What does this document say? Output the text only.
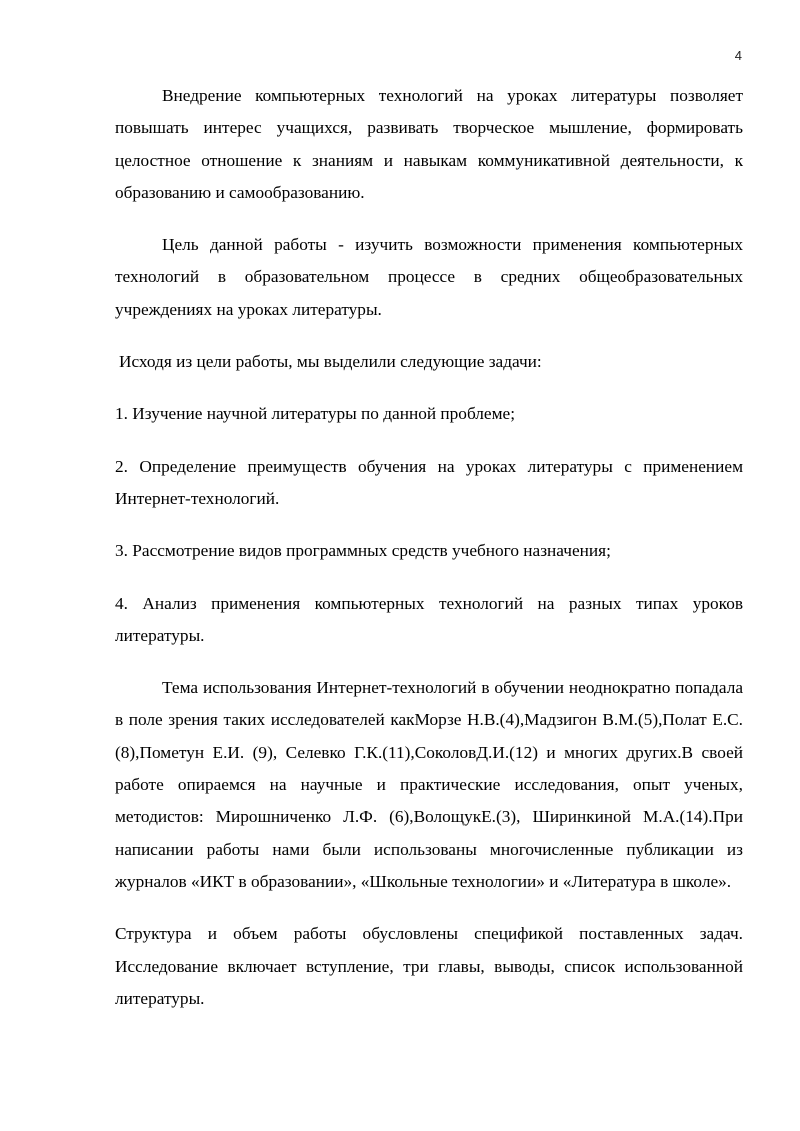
4

Внедрение компьютерных технологий на уроках литературы позволяет повышать интерес учащихся, развивать творческое мышление, формировать целостное отношение к знаниям и навыкам коммуникативной деятельности, к образованию и самообразованию.

Цель данной работы - изучить возможности применения компьютерных технологий в образовательном процессе в средних общеобразовательных учреждениях на уроках литературы.

Исходя из цели работы, мы выделили следующие задачи:

1. Изучение научной литературы по данной проблеме;

2. Определение преимуществ обучения на уроках литературы с применением Интернет-технологий.

3. Рассмотрение видов программных средств учебного назначения;

4. Анализ применения компьютерных технологий на разных типах уроков литературы.

Тема использования Интернет-технологий в обучении неоднократно попадала в поле зрения таких исследователей какМорзе Н.В.(4),Мадзигон В.М.(5),Полат Е.С.(8),Пометун Е.И. (9), Селевко Г.К.(11),СоколовД.И.(12) и многих других.В своей работе опираемся на научные и практические исследования, опыт ученых, методистов: Мирошниченко Л.Ф. (6),ВолощукЕ.(3), Ширинкиной М.А.(14).При написании работы нами были использованы многочисленные публикации из журналов «ИКТ в образовании», «Школьные технологии» и «Литература в школе».

Структура и объем работы обусловлены спецификой поставленных задач. Исследование включает вступление, три главы, выводы, список использованной литературы.
